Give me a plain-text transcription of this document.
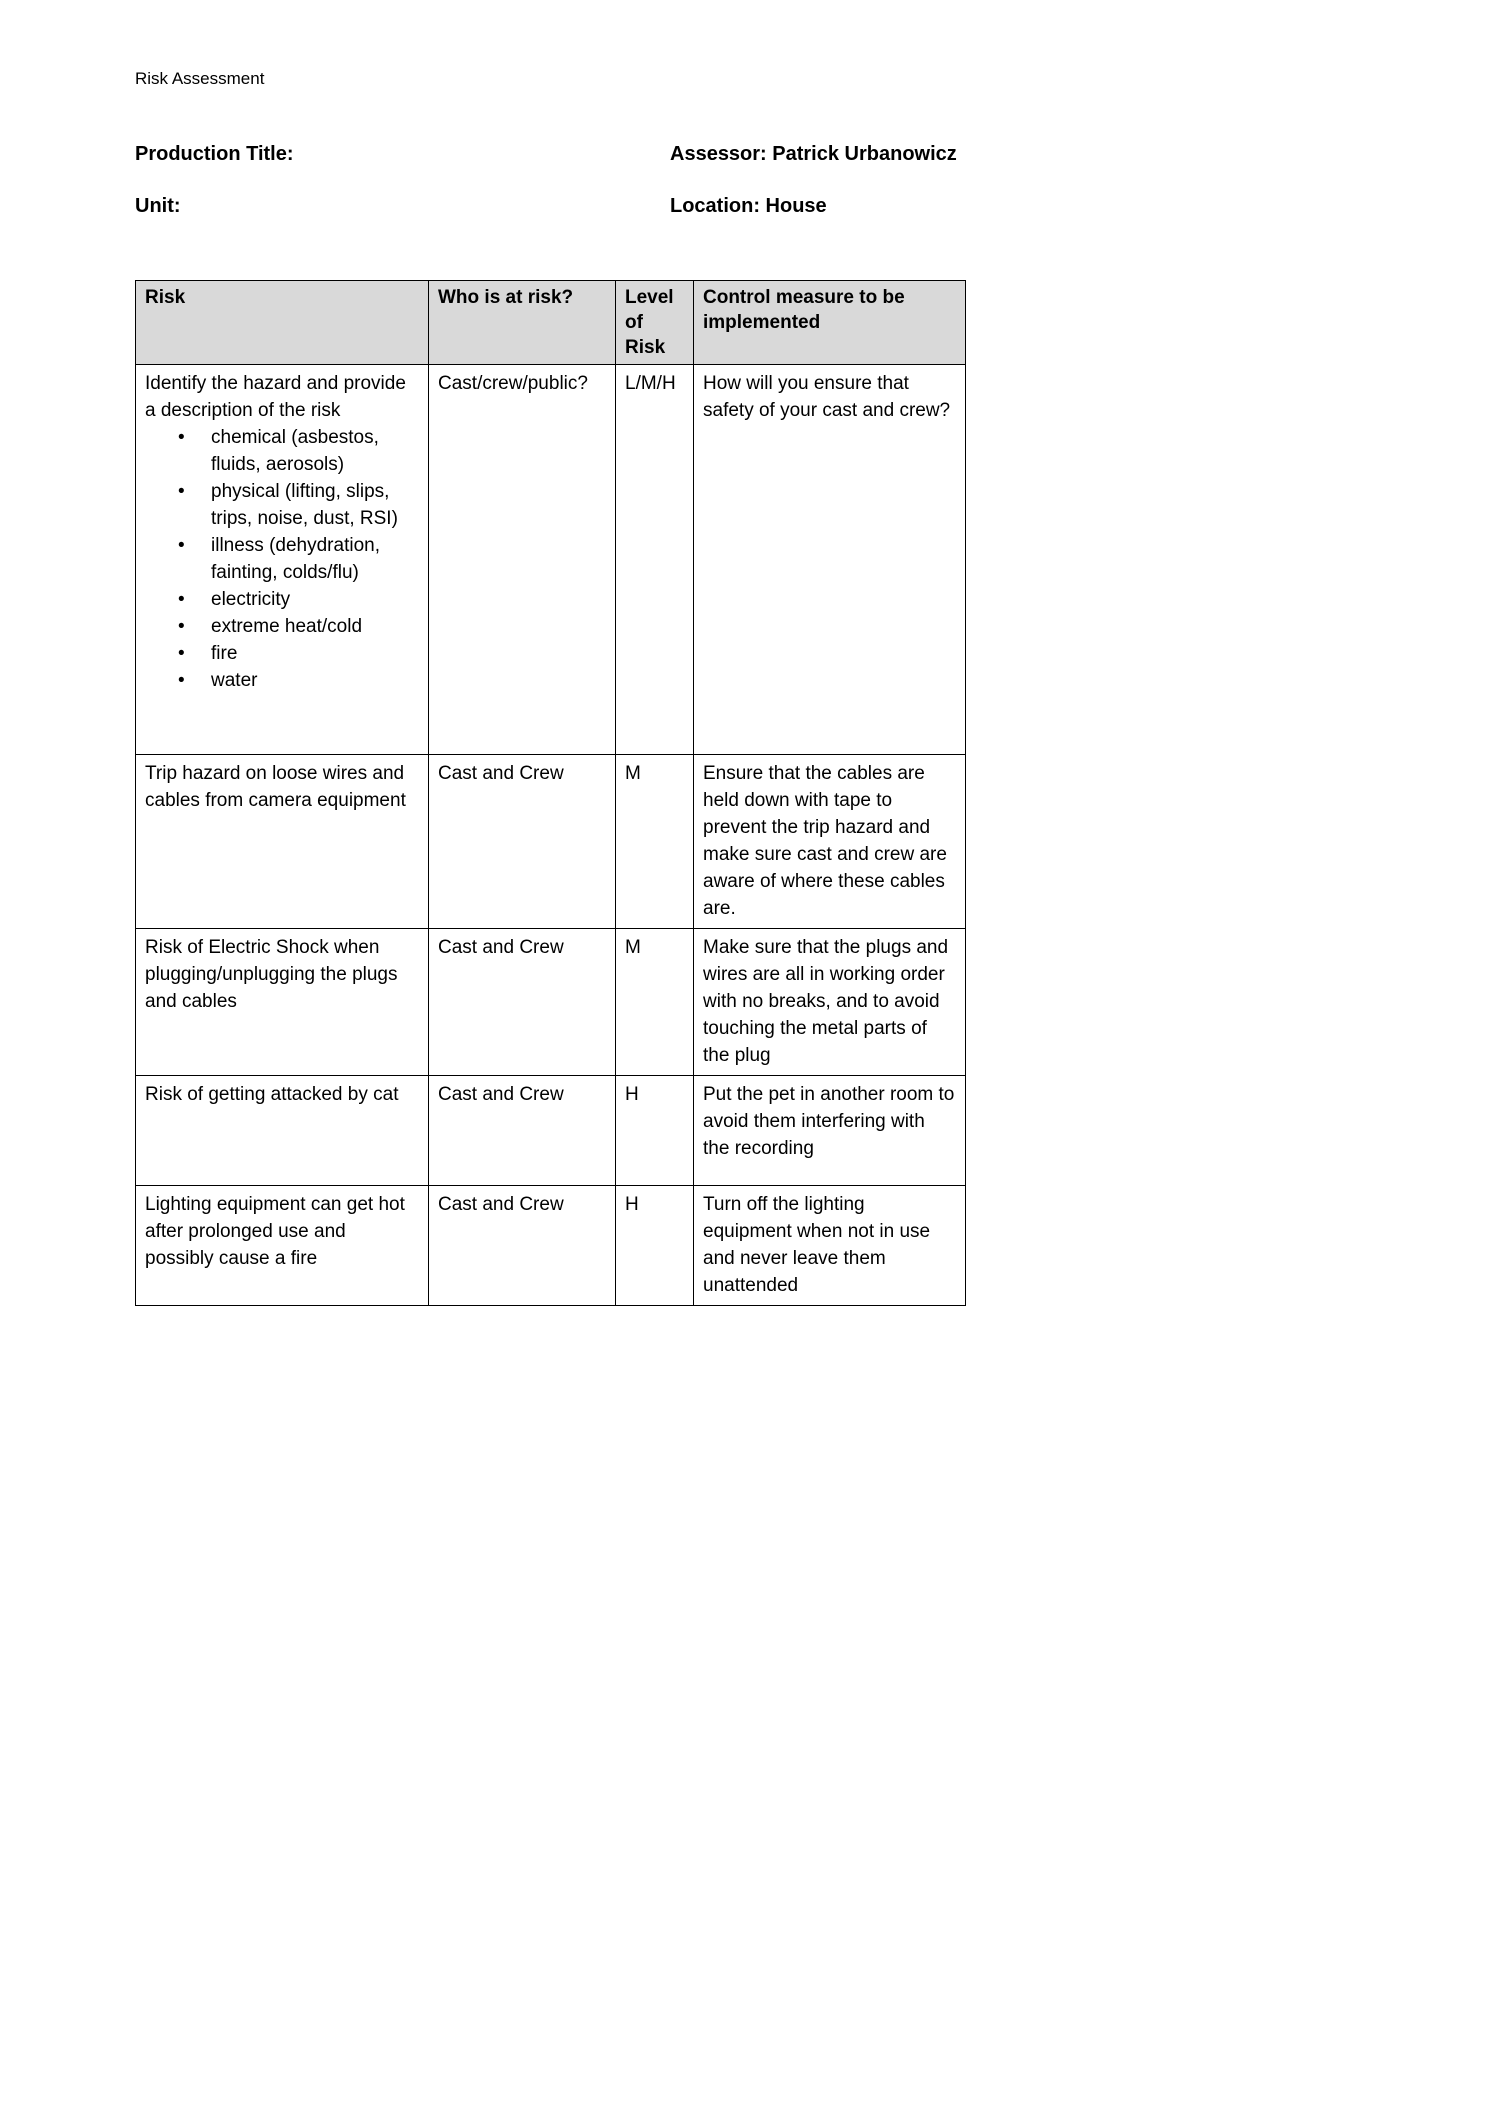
Risk Assessment
Production Title:	Assessor: Patrick Urbanowicz
Unit:	Location: House
Risk	Who is at risk?	Level of Risk	Control measure to be implemented

Identify the hazard and provide a description of the risk
• chemical (asbestos, fluids, aerosols)
• physical (lifting, slips, trips, noise, dust, RSI)
• illness (dehydration, fainting, colds/flu)
• electricity
• extreme heat/cold
• fire
• water
	Cast/crew/public?	L/M/H	How will you ensure that safety of your cast and crew?
Trip hazard on loose wires and cables from camera equipment	Cast and Crew	M	Ensure that the cables are held down with tape to prevent the trip hazard and make sure cast and crew are aware of where these cables are.
Risk of Electric Shock when plugging/unplugging the plugs and cables	Cast and Crew	M	Make sure that the plugs and wires are all in working order with no breaks, and to avoid touching the metal parts of the plug
Risk of getting attacked by cat	Cast and Crew	H	Put the pet in another room to avoid them interfering with the recording
Lighting equipment can get hot after prolonged use and possibly cause a fire	Cast and Crew	H	Turn off the lighting equipment when not in use and never leave them unattended
